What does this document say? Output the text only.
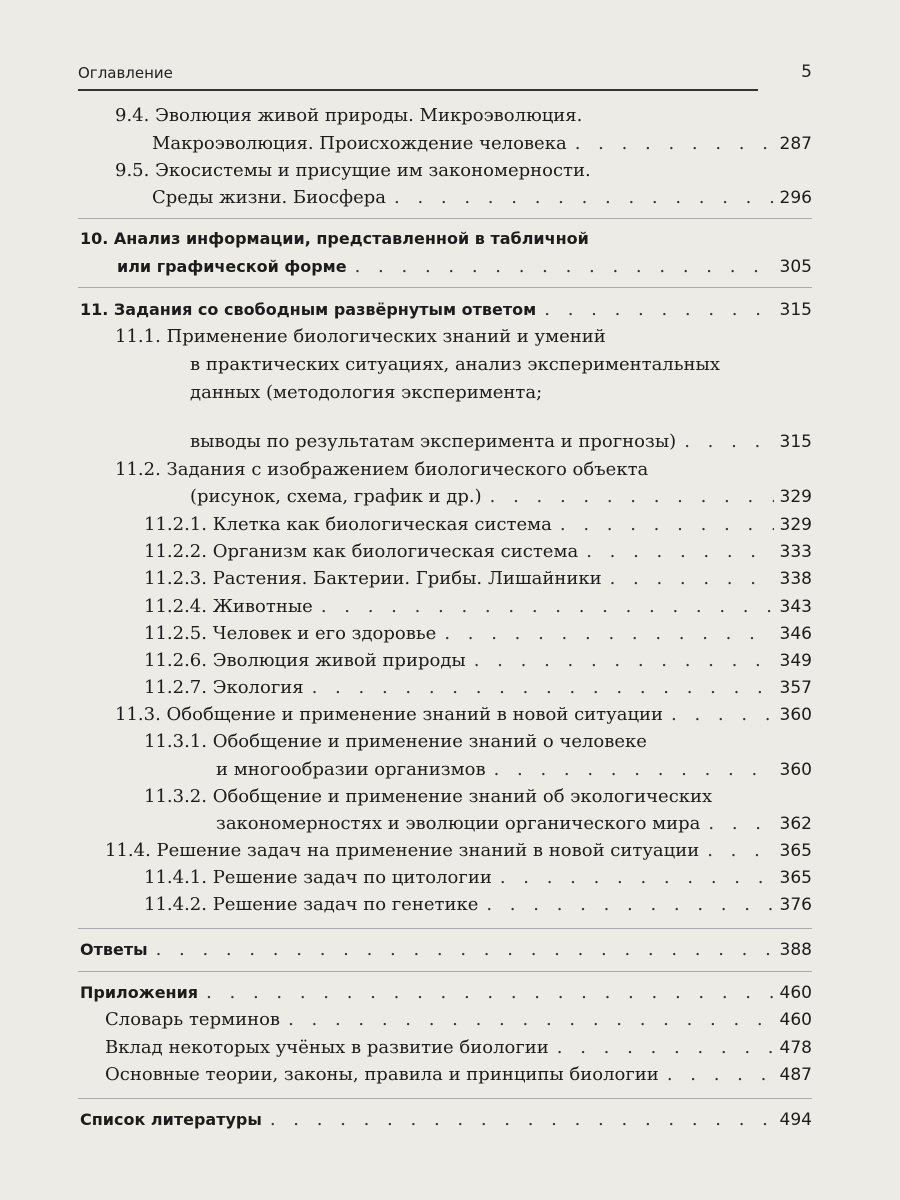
Оглавление	5
9.4. Эволюция живой природы. Микроэволюция.
Макроэволюция. Происхождение человека . . .	287
9.5. Экосистемы и присущие им закономерности.
Среды жизни. Биосфера . . .	296
10. Анализ информации, представленной в табличной
или графической форме . . .	305
11. Задания со свободным развёрнутым ответом . . .	315
11.1. Применение биологических знаний и умений
в практических ситуациях, анализ экспериментальных
данных (методология эксперимента;
выводы по результатам эксперимента и прогнозы) . . .	315
11.2. Задания с изображением биологического объекта
(рисунок, схема, график и др.) . . .	329
11.2.1. Клетка как биологическая система . . .	329
11.2.2. Организм как биологическая система . . .	333
11.2.3. Растения. Бактерии. Грибы. Лишайники . . .	338
11.2.4. Животные . . .	343
11.2.5. Человек и его здоровье . . .	346
11.2.6. Эволюция живой природы . . .	349
11.2.7. Экология . . .	357
11.3. Обобщение и применение знаний в новой ситуации . . .	360
11.3.1. Обобщение и применение знаний о человеке
и многообразии организмов . . .	360
11.3.2. Обобщение и применение знаний об экологических
закономерностях и эволюции органического мира . . .	362
11.4. Решение задач на применение знаний в новой ситуации . . .	365
11.4.1. Решение задач по цитологии . . .	365
11.4.2. Решение задач по генетике . . .	376
Ответы . . .	388
Приложения . . .	460
Словарь терминов . . .	460
Вклад некоторых учёных в развитие биологии . . .	478
Основные теории, законы, правила и принципы биологии . . .	487
Список литературы . . .	494
